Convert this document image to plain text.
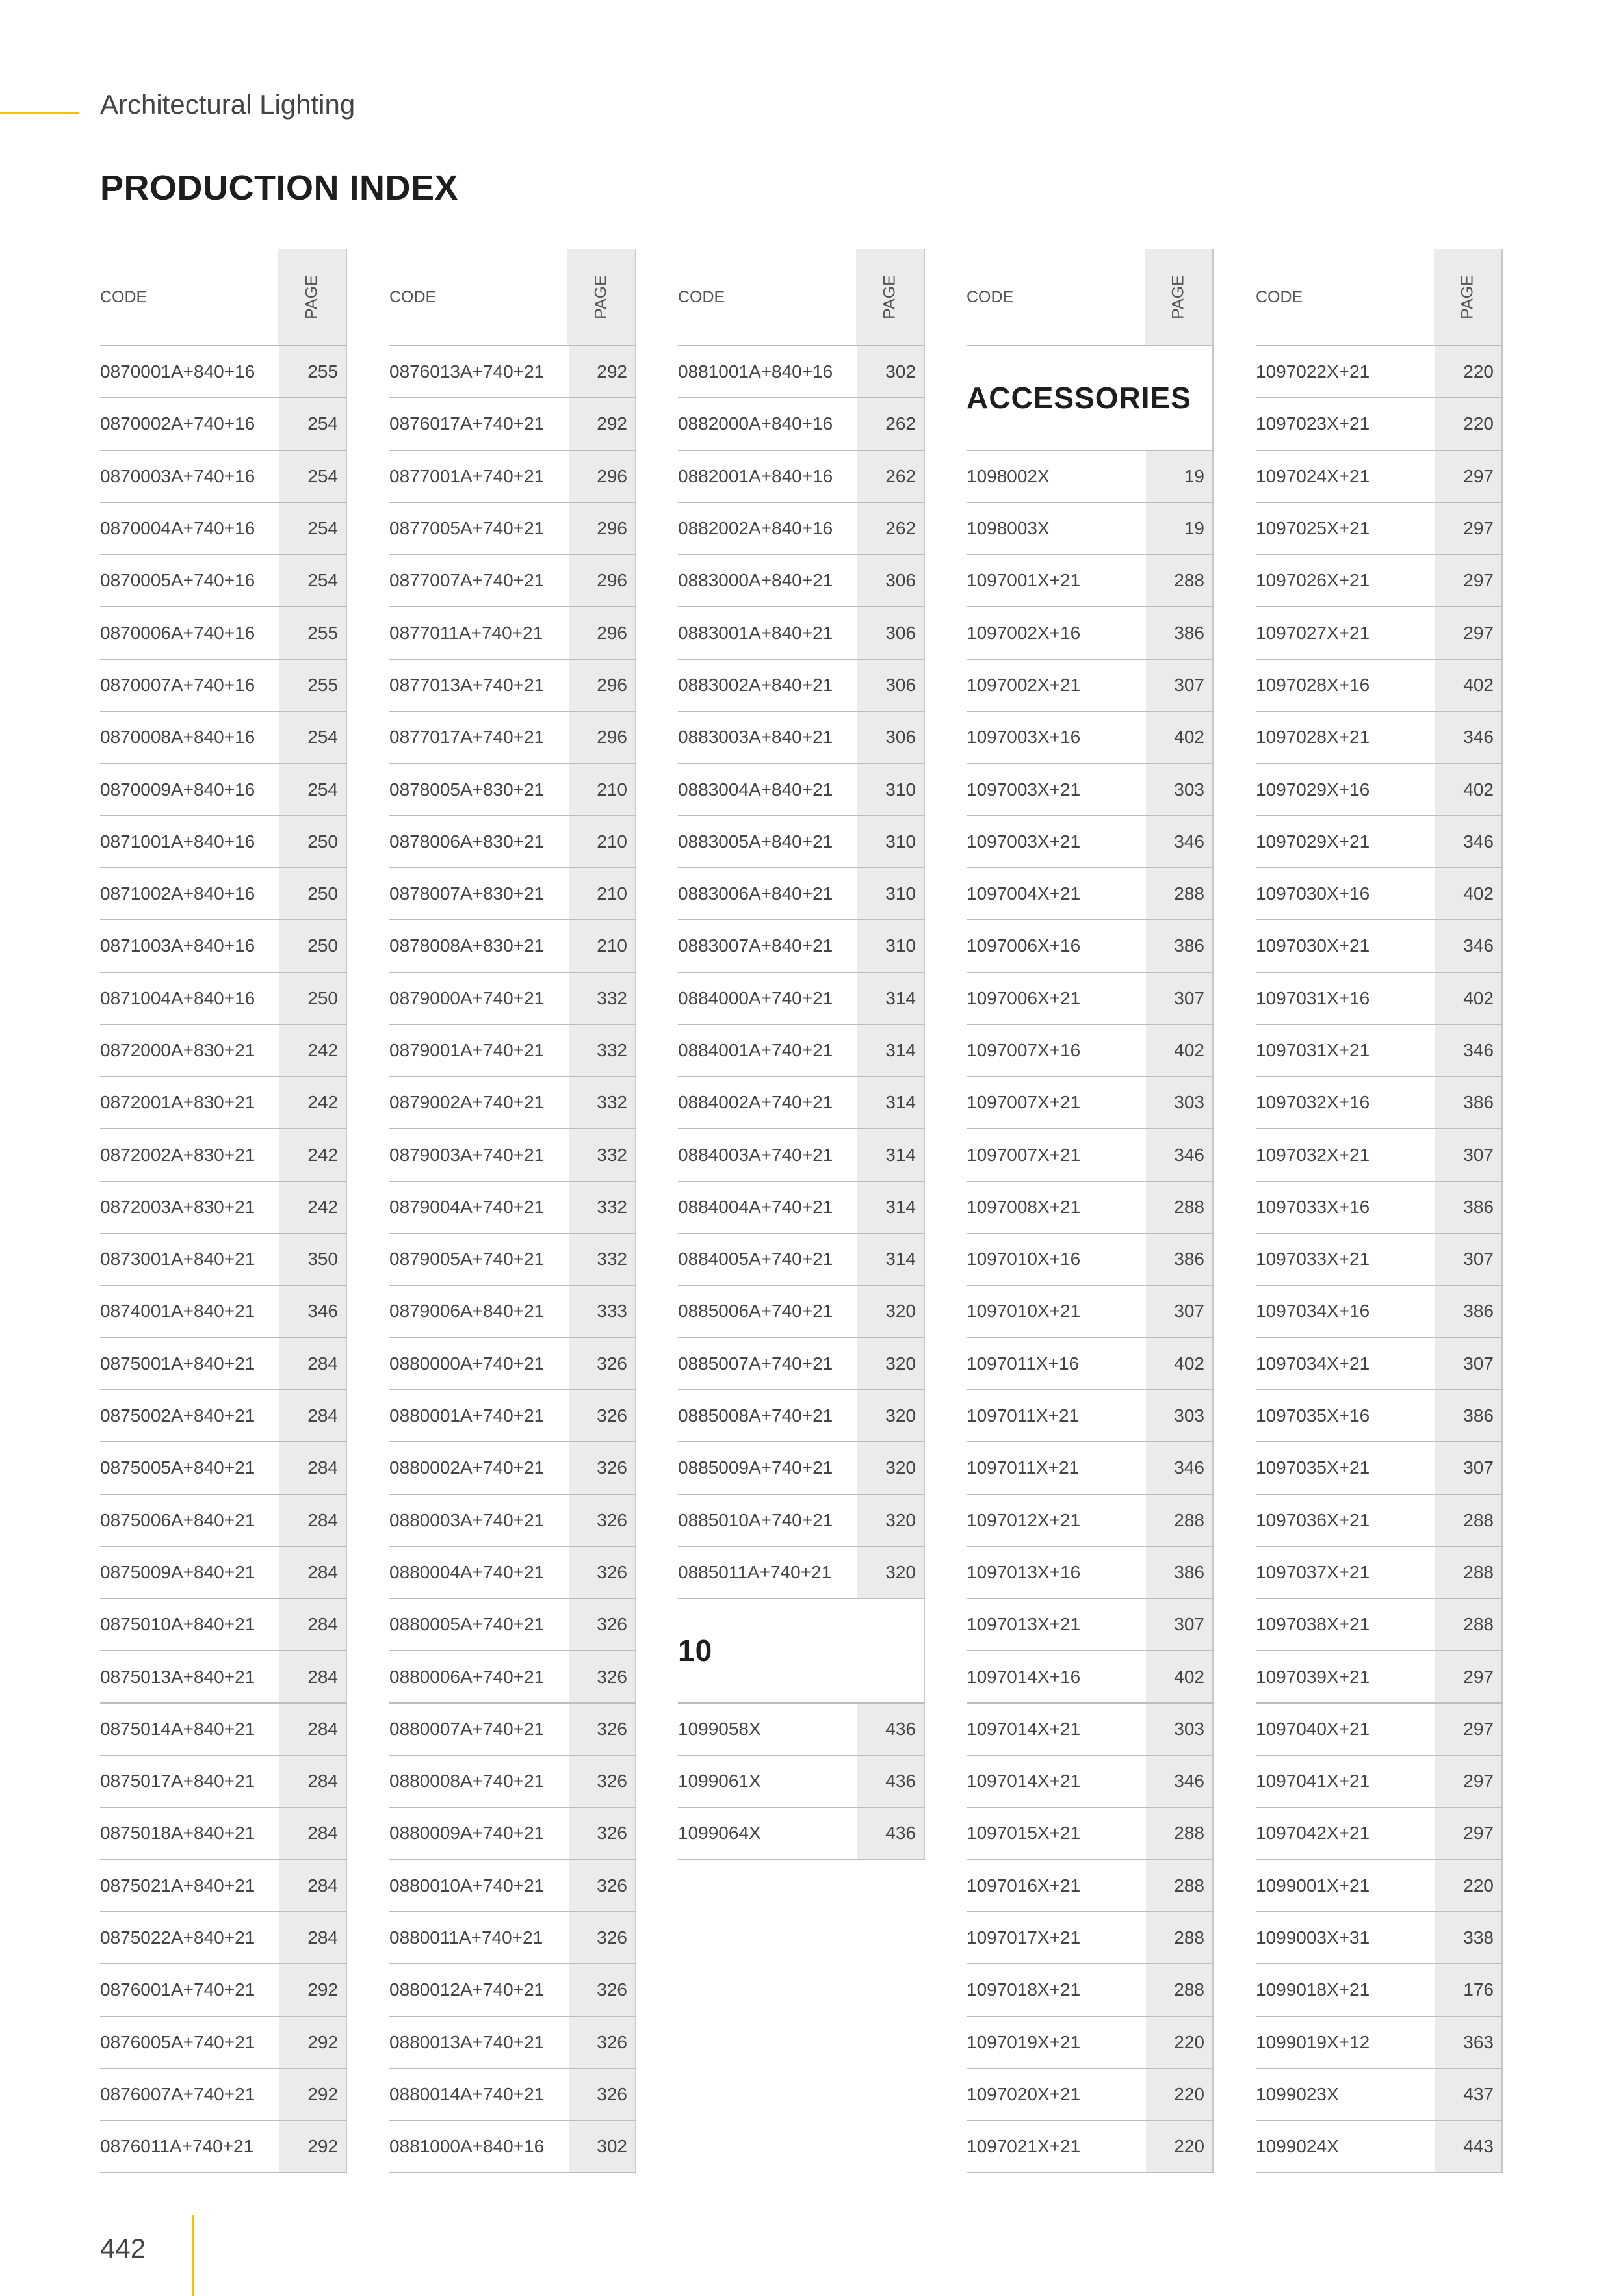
Architectural Lighting
PRODUCTION INDEX
CODE	PAGE
0870001A+840+16	255
0870002A+740+16	254
0870003A+740+16	254
0870004A+740+16	254
0870005A+740+16	254
0870006A+740+16	255
0870007A+740+16	255
0870008A+840+16	254
0870009A+840+16	254
0871001A+840+16	250
0871002A+840+16	250
0871003A+840+16	250
0871004A+840+16	250
0872000A+830+21	242
0872001A+830+21	242
0872002A+830+21	242
0872003A+830+21	242
0873001A+840+21	350
0874001A+840+21	346
0875001A+840+21	284
0875002A+840+21	284
0875005A+840+21	284
0875006A+840+21	284
0875009A+840+21	284
0875010A+840+21	284
0875013A+840+21	284
0875014A+840+21	284
0875017A+840+21	284
0875018A+840+21	284
0875021A+840+21	284
0875022A+840+21	284
0876001A+740+21	292
0876005A+740+21	292
0876007A+740+21	292
0876011A+740+21	292
CODE	PAGE
0876013A+740+21	292
0876017A+740+21	292
0877001A+740+21	296
0877005A+740+21	296
0877007A+740+21	296
0877011A+740+21	296
0877013A+740+21	296
0877017A+740+21	296
0878005A+830+21	210
0878006A+830+21	210
0878007A+830+21	210
0878008A+830+21	210
0879000A+740+21	332
0879001A+740+21	332
0879002A+740+21	332
0879003A+740+21	332
0879004A+740+21	332
0879005A+740+21	332
0879006A+840+21	333
0880000A+740+21	326
0880001A+740+21	326
0880002A+740+21	326
0880003A+740+21	326
0880004A+740+21	326
0880005A+740+21	326
0880006A+740+21	326
0880007A+740+21	326
0880008A+740+21	326
0880009A+740+21	326
0880010A+740+21	326
0880011A+740+21	326
0880012A+740+21	326
0880013A+740+21	326
0880014A+740+21	326
0881000A+840+16	302
CODE	PAGE
0881001A+840+16	302
0882000A+840+16	262
0882001A+840+16	262
0882002A+840+16	262
0883000A+840+21	306
0883001A+840+21	306
0883002A+840+21	306
0883003A+840+21	306
0883004A+840+21	310
0883005A+840+21	310
0883006A+840+21	310
0883007A+840+21	310
0884000A+740+21	314
0884001A+740+21	314
0884002A+740+21	314
0884003A+740+21	314
0884004A+740+21	314
0884005A+740+21	314
0885006A+740+21	320
0885007A+740+21	320
0885008A+740+21	320
0885009A+740+21	320
0885010A+740+21	320
0885011A+740+21	320
10
1099058X	436
1099061X	436
1099064X	436
CODE	PAGE
ACCESSORIES
1098002X	19
1098003X	19
1097001X+21	288
1097002X+16	386
1097002X+21	307
1097003X+16	402
1097003X+21	303
1097003X+21	346
1097004X+21	288
1097006X+16	386
1097006X+21	307
1097007X+16	402
1097007X+21	303
1097007X+21	346
1097008X+21	288
1097010X+16	386
1097010X+21	307
1097011X+16	402
1097011X+21	303
1097011X+21	346
1097012X+21	288
1097013X+16	386
1097013X+21	307
1097014X+16	402
1097014X+21	303
1097014X+21	346
1097015X+21	288
1097016X+21	288
1097017X+21	288
1097018X+21	288
1097019X+21	220
1097020X+21	220
1097021X+21	220
CODE	PAGE
1097022X+21	220
1097023X+21	220
1097024X+21	297
1097025X+21	297
1097026X+21	297
1097027X+21	297
1097028X+16	402
1097028X+21	346
1097029X+16	402
1097029X+21	346
1097030X+16	402
1097030X+21	346
1097031X+16	402
1097031X+21	346
1097032X+16	386
1097032X+21	307
1097033X+16	386
1097033X+21	307
1097034X+16	386
1097034X+21	307
1097035X+16	386
1097035X+21	307
1097036X+21	288
1097037X+21	288
1097038X+21	288
1097039X+21	297
1097040X+21	297
1097041X+21	297
1097042X+21	297
1099001X+21	220
1099003X+31	338
1099018X+21	176
1099019X+12	363
1099023X	437
1099024X	443
442
